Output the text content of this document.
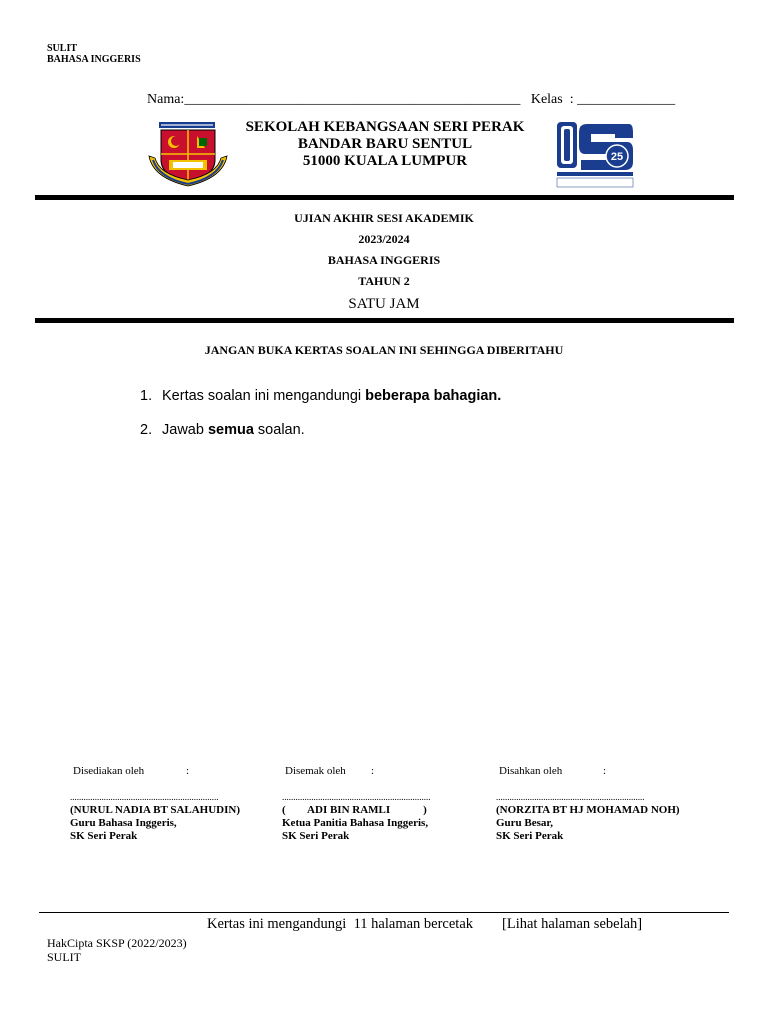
SULIT
BAHASA INGGERIS

Nama:________________________________________________ Kelas  : ______________

SEKOLAH KEBANGSAAN SERI PERAK
BANDAR BARU SENTUL
51000 KUALA LUMPUR	25
UJIAN AKHIR SESI AKADEMIK
2023/2024
BAHASA INGGERIS
TAHUN 2
SATU JAM
JANGAN BUKA KERTAS SOALAN INI SEHINGGA DIBERITAHU
1. Kertas soalan ini mengandungi beberapa bahagian.
2. Jawab semua soalan.
Disediakan oleh	:
..................................................................
(NURUL NADIA BT SALAHUDIN)
Guru Bahasa Inggeris,
SK Seri Perak
Disemak oleh :
..................................................................
(        ADI BIN RAMLI            )
Ketua Panitia Bahasa Inggeris,
SK Seri Perak
Disahkan oleh	:
..................................................................
(NORZITA BT HJ MOHAMAD NOH)
Guru Besar,
SK Seri Perak
Kertas ini mengandungi  11 halaman bercetak [Lihat halaman sebelah]
HakCipta SKSP (2022/2023)
SULIT
